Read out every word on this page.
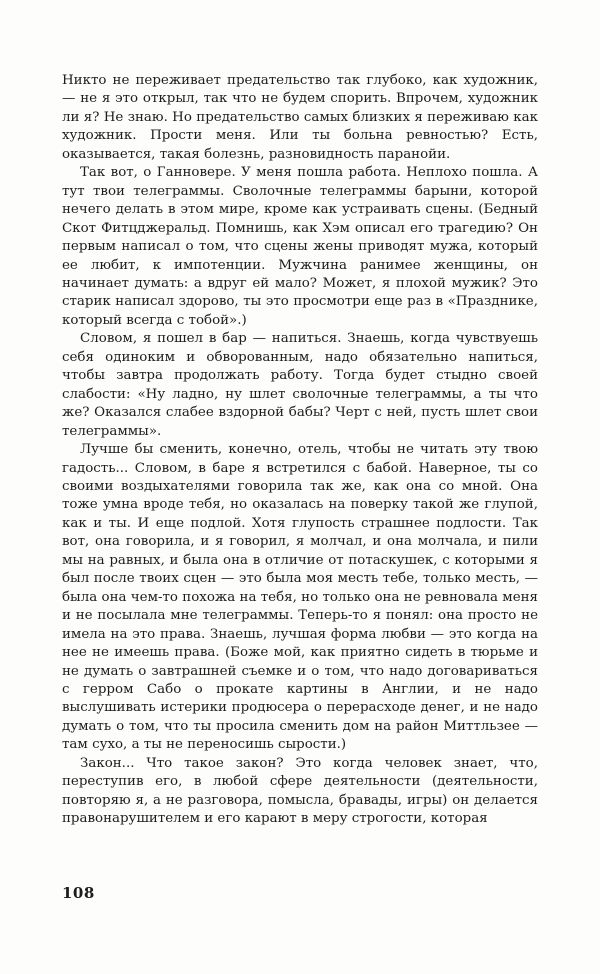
Никто не переживает предательство так глубоко, как художник, — не я это открыл, так что не будем спорить. Впрочем, художник ли я? Не знаю. Но предательство самых близких я переживаю как художник. Прости меня. Или ты больна ревностью? Есть, оказывается, такая болезнь, разновидность паранойи.

Так вот, о Ганновере. У меня пошла работа. Неплохо пошла. А тут твои телеграммы. Сволочные телеграммы барыни, которой нечего делать в этом мире, кроме как устраивать сцены. (Бедный Скот Фитцджеральд. Помнишь, как Хэм описал его трагедию? Он первым написал о том, что сцены жены приводят мужа, который ее любит, к импотенции. Мужчина ранимее женщины, он начинает думать: а вдруг ей мало? Может, я плохой мужик? Это старик написал здорово, ты это просмотри еще раз в «Празднике, который всегда с тобой».)

Словом, я пошел в бар — напиться. Знаешь, когда чувствуешь себя одиноким и обворованным, надо обязательно напиться, чтобы завтра продолжать работу. Тогда будет стыдно своей слабости: «Ну ладно, ну шлет сволочные телеграммы, а ты что же? Оказался слабее вздорной бабы? Черт с ней, пусть шлет свои телеграммы».

Лучше бы сменить, конечно, отель, чтобы не читать эту твою гадость... Словом, в баре я встретился с бабой. Наверное, ты со своими воздыхателями говорила так же, как она со мной. Она тоже умна вроде тебя, но оказалась на поверку такой же глупой, как и ты. И еще подлой. Хотя глупость страшнее подлости. Так вот, она говорила, и я говорил, я молчал, и она молчала, и пили мы на равных, и была она в отличие от потаскушек, с которыми я был после твоих сцен — это была моя месть тебе, только месть, — была она чем-то похожа на тебя, но только она не ревновала меня и не посылала мне телеграммы. Теперь-то я понял: она просто не имела на это права. Знаешь, лучшая форма любви — это когда на нее не имеешь права. (Боже мой, как приятно сидеть в тюрьме и не думать о завтрашней съемке и о том, что надо договариваться с герром Сабо о прокате картины в Англии, и не надо выслушивать истерики продюсера о перерасходе денег, и не надо думать о том, что ты просила сменить дом на район Миттльзее — там сухо, а ты не переносишь сырости.)

Закон... Что такое закон? Это когда человек знает, что, переступив его, в любой сфере деятельности (деятельности, повторяю я, а не разговора, помысла, бравады, игры) он делается правонарушителем и его карают в меру строгости, которая

108
